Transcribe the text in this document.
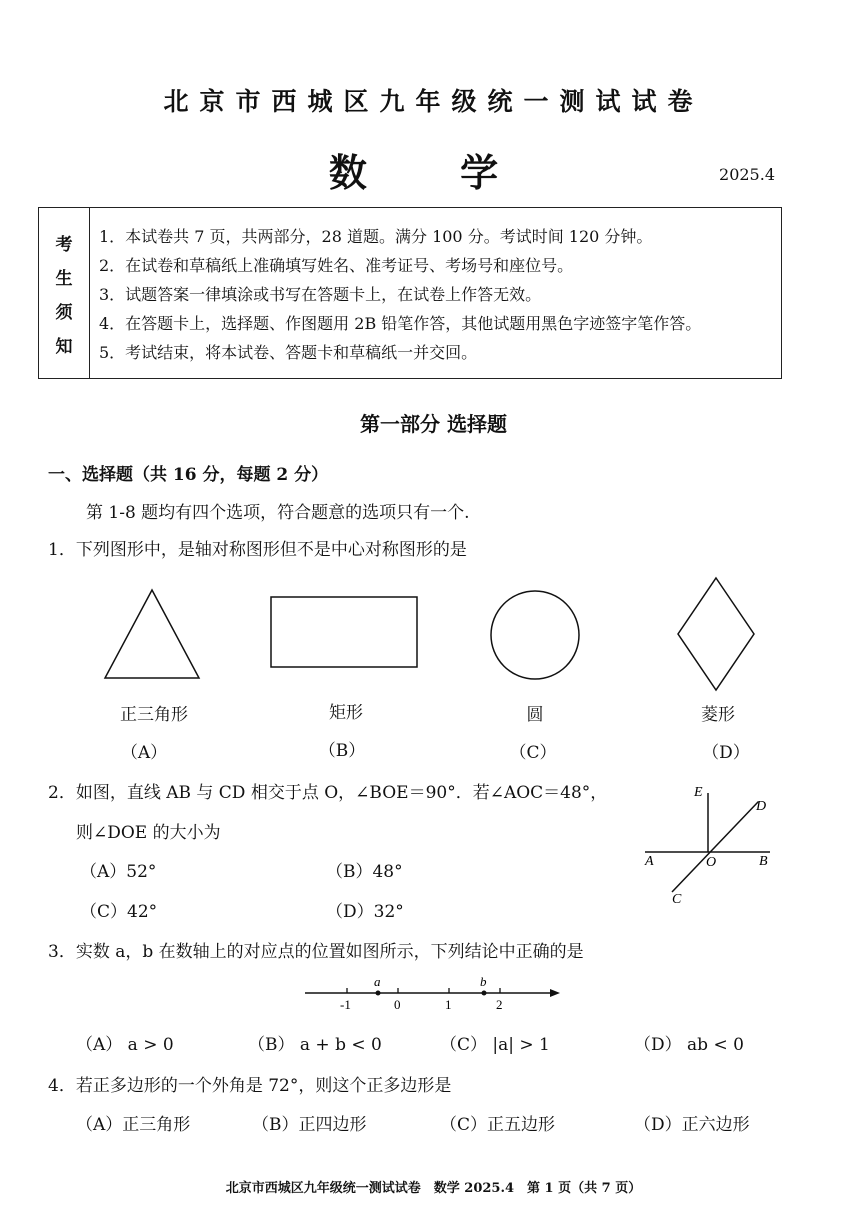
北京市西城区九年级统一测试试卷
数 学	2025.4
考
生
须
知
1．本试卷共 7 页，共两部分，28 道题。满分 100 分。考试时间 120 分钟。
2．在试卷和草稿纸上准确填写姓名、准考证号、考场号和座位号。
3．试题答案一律填涂或书写在答题卡上，在试卷上作答无效。
4．在答题卡上，选择题、作图题用 2B 铅笔作答，其他试题用黑色字迹签字笔作答。
5．考试结束，将本试卷、答题卡和草稿纸一并交回。
第一部分 选择题
一、选择题（共 16 分，每题 2 分）
第 1-8 题均有四个选项，符合题意的选项只有一个.
1．下列图形中，是轴对称图形但不是中心对称图形的是
正三角形	矩形	圆	菱形
（A）	（B）	（C）	（D）
2．如图，直线 AB 与 CD 相交于点 O，∠BOE＝90°．若∠AOC＝48°，
则∠DOE 的大小为
（A）52°	（B）48°
（C）42°	（D）32°
E
D
A	O	B
C
3．实数 a，b 在数轴上的对应点的位置如图所示，下列结论中正确的是
-1	0	1	2
a	b
（A） a > 0	（B） a + b < 0	（C） |a| > 1	（D） ab < 0
4．若正多边形的一个外角是 72°，则这个正多边形是
（A）正三角形	（B）正四边形	（C）正五边形	（D）正六边形
北京市西城区九年级统一测试试卷　数学 2025.4　第 1 页（共 7 页）
